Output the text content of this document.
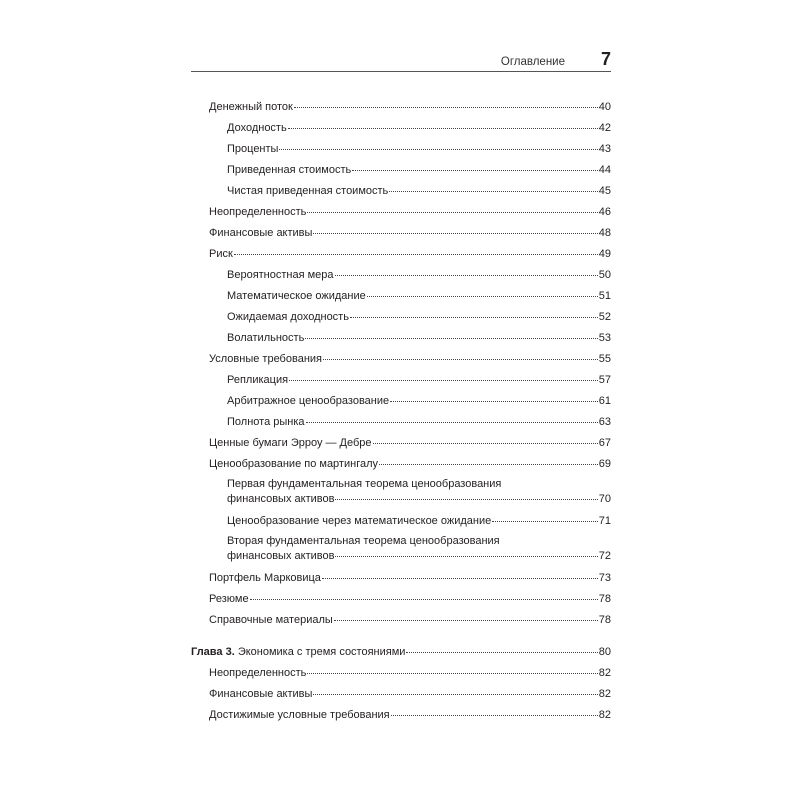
Оглавление 7
Денежный поток	40
Доходность	42
Проценты	43
Приведенная стоимость	44
Чистая приведенная стоимость	45
Неопределенность	46
Финансовые активы	48
Риск	49
Вероятностная мера	50
Математическое ожидание	51
Ожидаемая доходность	52
Волатильность	53
Условные требования	55
Репликация	57
Арбитражное ценообразование	61
Полнота рынка	63
Ценные бумаги Эрроу — Дебре	67
Ценообразование по мартингалу	69
Первая фундаментальная теорема ценообразования
финансовых активов	70
Ценообразование через математическое ожидание	71
Вторая фундаментальная теорема ценообразования
финансовых активов	72
Портфель Марковица	73
Резюме	78
Справочные материалы	78
Глава 3. Экономика с тремя состояниями	80
Неопределенность	82
Финансовые активы	82
Достижимые условные требования	82
